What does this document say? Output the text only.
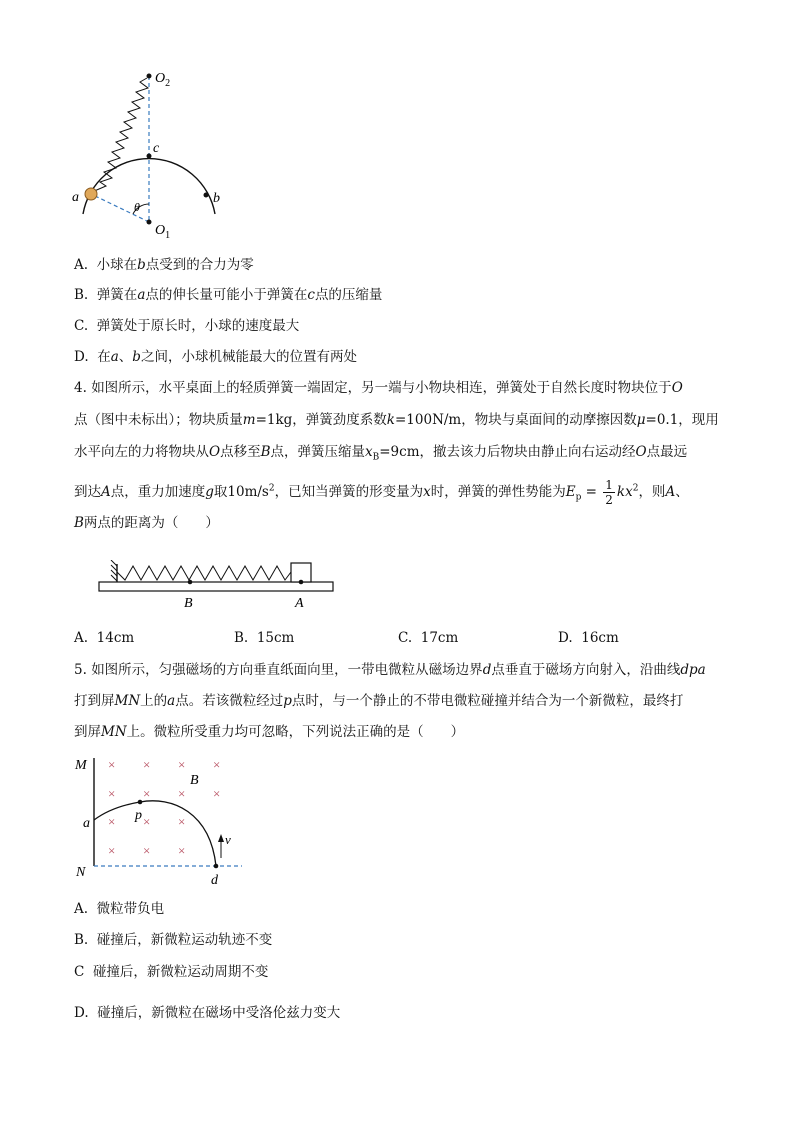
$O_2$
c
a	b
θ
$O_1$
A. 小球在b点受到的合力为零
B. 弹簧在a点的伸长量可能小于弹簧在c点的压缩量
C. 弹簧处于原长时，小球的速度最大
D. 在a、b之间，小球机械能最大的位置有两处
4. 如图所示，水平桌面上的轻质弹簧一端固定，另一端与小物块相连，弹簧处于自然长度时物块位于O
点（图中未标出）；物块质量m=1kg，弹簧劲度系数k=100N/m，物块与桌面间的动摩擦因数μ=0.1，现用
水平向左的力将物块从O点移至B点，弹簧压缩量$x_B=9cm$，撤去该力后物块由静止向右运动经O点最远
到达A点，重力加速度g取$10m/s^2$，已知当弹簧的形变量为x时，弹簧的弹性势能为$E_p = \frac{1}{2} kx^2$，则A、
B两点的距离为（　　）
B	A
A. 14cm	B. 15cm	C. 17cm	D. 16cm
5. 如图所示，匀强磁场的方向垂直纸面向里，一带电微粒从磁场边界d点垂直于磁场方向射入，沿曲线dpa
打到屏MN上的a点。若该微粒经过p点时，与一个静止的不带电微粒碰撞并结合为一个新微粒，最终打
到屏MN上。微粒所受重力均可忽略，下列说法正确的是（　　）
× × × ×
× × × ×
× × ×
× × ×
M
B
a
p
v
N
d
A. 微粒带负电
B. 碰撞后，新微粒运动轨迹不变
C 碰撞后，新微粒运动周期不变
D. 碰撞后，新微粒在磁场中受洛伦兹力变大
